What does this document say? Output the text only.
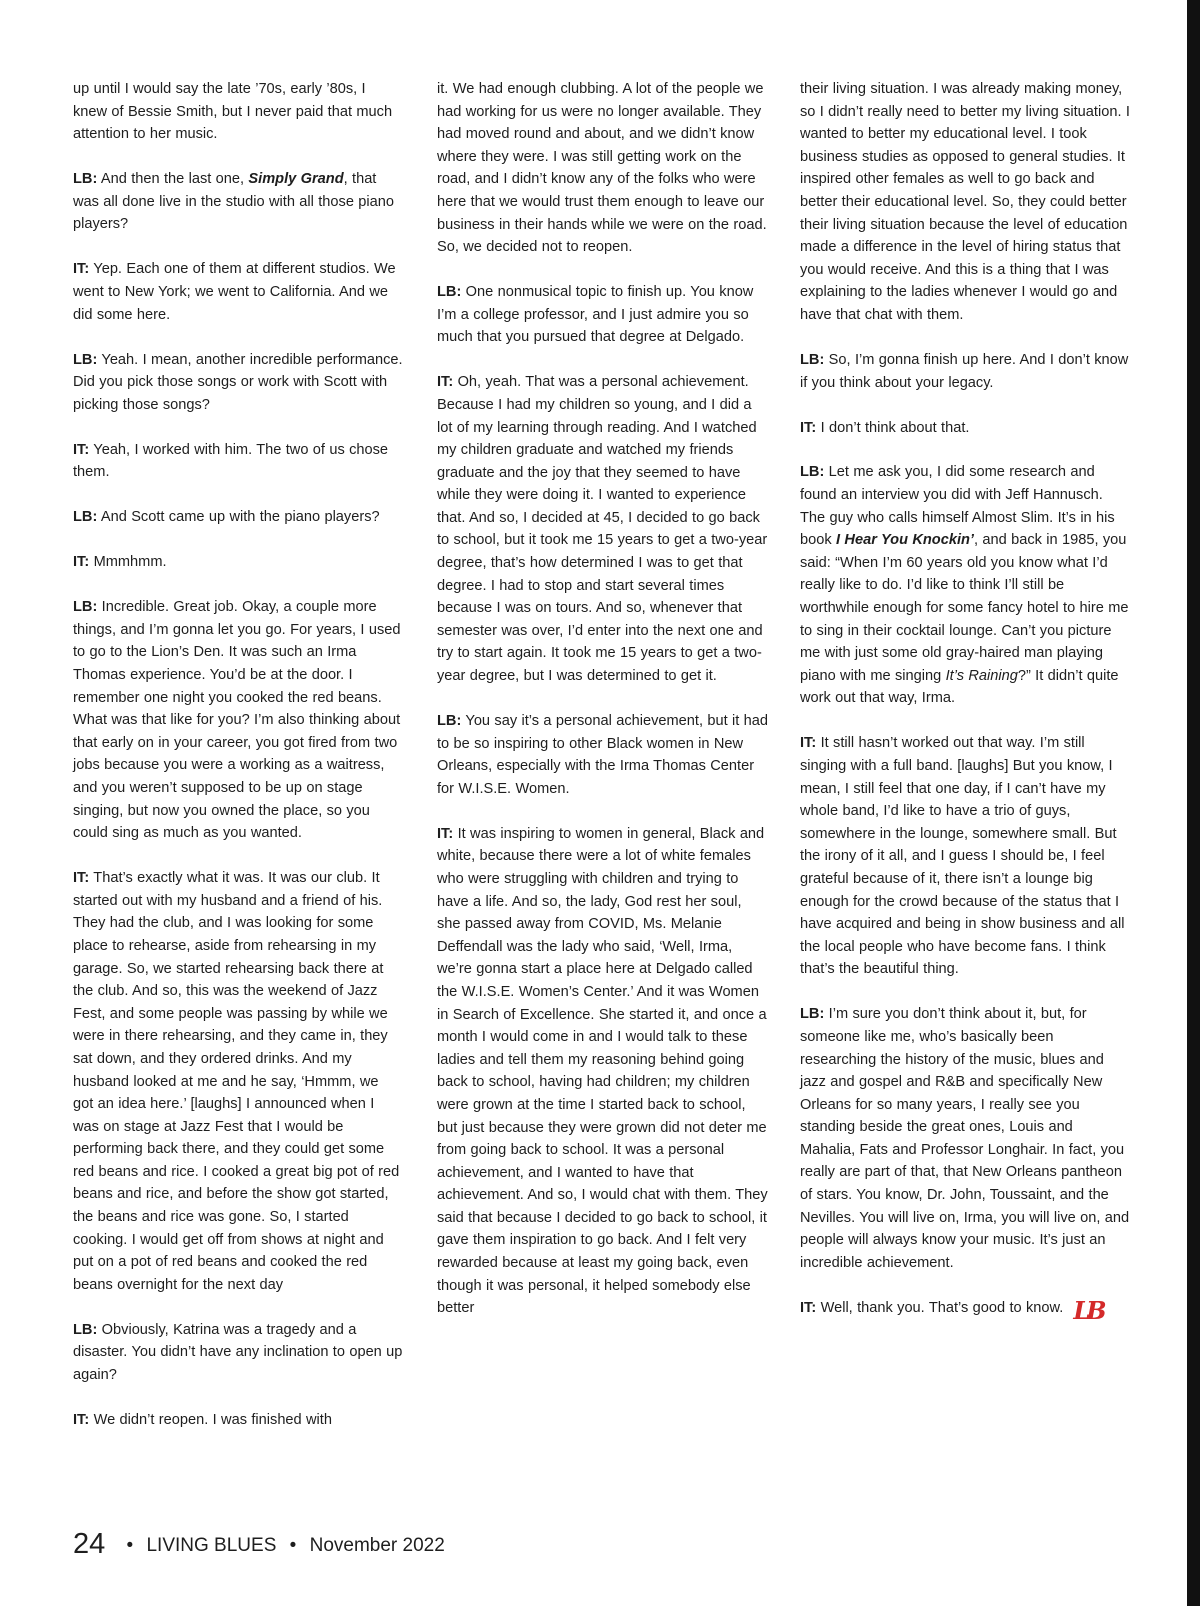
up until I would say the late ’70s, early ’80s, I knew of Bessie Smith, but I never paid that much attention to her music.

LB: And then the last one, Simply Grand, that was all done live in the studio with all those piano players?

IT: Yep. Each one of them at different studios. We went to New York; we went to California. And we did some here.

LB: Yeah. I mean, another incredible performance. Did you pick those songs or work with Scott with picking those songs?

IT: Yeah, I worked with him. The two of us chose them.

LB: And Scott came up with the piano players?

IT: Mmmhmm.

LB: Incredible. Great job. Okay, a couple more things, and I’m gonna let you go. For years, I used to go to the Lion’s Den. It was such an Irma Thomas experience. You’d be at the door. I remember one night you cooked the red beans. What was that like for you? I’m also thinking about that early on in your career, you got fired from two jobs because you were a working as a waitress, and you weren’t supposed to be up on stage singing, but now you owned the place, so you could sing as much as you wanted.

IT: That’s exactly what it was. It was our club. It started out with my husband and a friend of his. They had the club, and I was looking for some place to rehearse, aside from rehearsing in my garage. So, we started rehearsing back there at the club. And so, this was the weekend of Jazz Fest, and some people was passing by while we were in there rehearsing, and they came in, they sat down, and they ordered drinks. And my husband looked at me and he say, ‘Hmmm, we got an idea here.’ [laughs] I announced when I was on stage at Jazz Fest that I would be performing back there, and they could get some red beans and rice. I cooked a great big pot of red beans and rice, and before the show got started, the beans and rice was gone. So, I started cooking. I would get off from shows at night and put on a pot of red beans and cooked the red beans overnight for the next day

LB: Obviously, Katrina was a tragedy and a disaster. You didn’t have any inclination to open up again?

IT: We didn’t reopen. I was finished with

it. We had enough clubbing. A lot of the people we had working for us were no longer available. They had moved round and about, and we didn’t know where they were. I was still getting work on the road, and I didn’t know any of the folks who were here that we would trust them enough to leave our business in their hands while we were on the road. So, we decided not to reopen.

LB: One nonmusical topic to finish up. You know I’m a college professor, and I just admire you so much that you pursued that degree at Delgado.

IT: Oh, yeah. That was a personal achievement. Because I had my children so young, and I did a lot of my learning through reading. And I watched my children graduate and watched my friends graduate and the joy that they seemed to have while they were doing it. I wanted to experience that. And so, I decided at 45, I decided to go back to school, but it took me 15 years to get a two-year degree, that’s how determined I was to get that degree. I had to stop and start several times because I was on tours. And so, whenever that semester was over, I’d enter into the next one and try to start again. It took me 15 years to get a two-year degree, but I was determined to get it.

LB: You say it’s a personal achievement, but it had to be so inspiring to other Black women in New Orleans, especially with the Irma Thomas Center for W.I.S.E. Women.

IT: It was inspiring to women in general, Black and white, because there were a lot of white females who were struggling with children and trying to have a life. And so, the lady, God rest her soul, she passed away from COVID, Ms. Melanie Deffendall was the lady who said, ‘Well, Irma, we’re gonna start a place here at Delgado called the W.I.S.E. Women’s Center.’ And it was Women in Search of Excellence. She started it, and once a month I would come in and I would talk to these ladies and tell them my reasoning behind going back to school, having had children; my children were grown at the time I started back to school, but just because they were grown did not deter me from going back to school. It was a personal achievement, and I wanted to have that achievement. And so, I would chat with them. They said that because I decided to go back to school, it gave them inspiration to go back. And I felt very rewarded because at least my going back, even though it was personal, it helped somebody else better

their living situation. I was already making money, so I didn’t really need to better my living situation. I wanted to better my educational level. I took business studies as opposed to general studies. It inspired other females as well to go back and better their educational level. So, they could better their living situation because the level of education made a difference in the level of hiring status that you would receive. And this is a thing that I was explaining to the ladies whenever I would go and have that chat with them.

LB: So, I’m gonna finish up here. And I don’t know if you think about your legacy.

IT: I don’t think about that.

LB: Let me ask you, I did some research and found an interview you did with Jeff Hannusch. The guy who calls himself Almost Slim. It’s in his book I Hear You Knockin’, and back in 1985, you said: “When I’m 60 years old you know what I’d really like to do. I’d like to think I’ll still be worthwhile enough for some fancy hotel to hire me to sing in their cocktail lounge. Can’t you picture me with just some old gray-haired man playing piano with me singing It’s Raining?” It didn’t quite work out that way, Irma.

IT: It still hasn’t worked out that way. I’m still singing with a full band. [laughs] But you know, I mean, I still feel that one day, if I can’t have my whole band, I’d like to have a trio of guys, somewhere in the lounge, somewhere small. But the irony of it all, and I guess I should be, I feel grateful because of it, there isn’t a lounge big enough for the crowd because of the status that I have acquired and being in show business and all the local people who have become fans. I think that’s the beautiful thing.

LB: I’m sure you don’t think about it, but, for someone like me, who’s basically been researching the history of the music, blues and jazz and gospel and R&B and specifically New Orleans for so many years, I really see you standing beside the great ones, Louis and Mahalia, Fats and Professor Longhair. In fact, you really are part of that, that New Orleans pantheon of stars. You know, Dr. John, Toussaint, and the Nevilles. You will live on, Irma, you will live on, and people will always know your music. It’s just an incredible achievement.

IT: Well, thank you. That’s good to know. LB

24 • LIVING BLUES • November 2022
